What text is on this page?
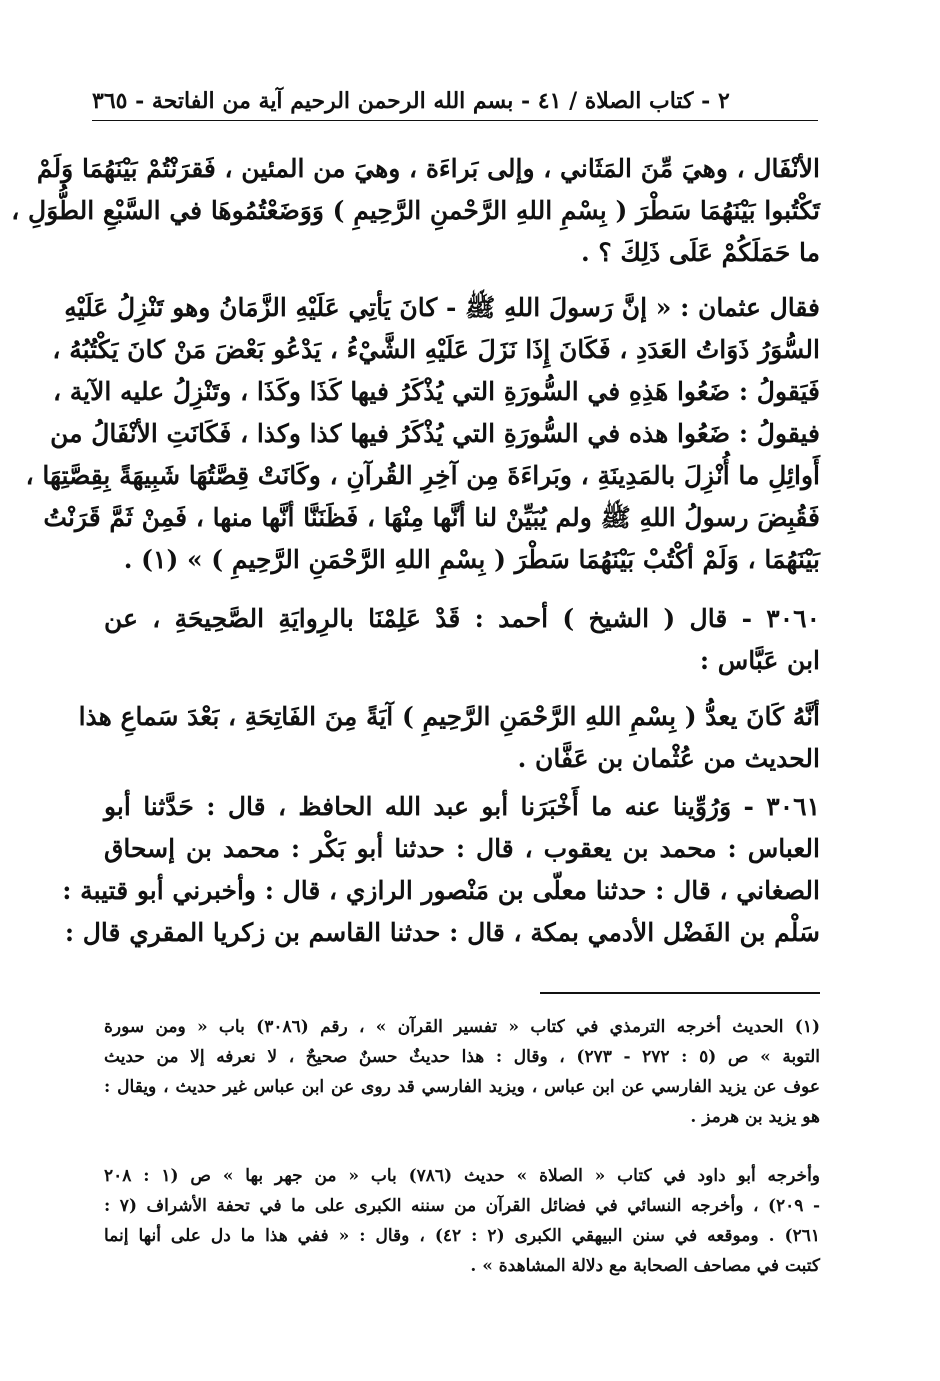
٢ - كتاب الصلاة / ٤١ - بسم الله الرحمن الرحيم آية من الفاتحة - ٣٦٥

الأنْفَال ، وهيَ مِّنَ المَثَاني ، وإلى بَراءَة ، وهيَ من المئين ، فَقرَنْتُمْ بَيْنَهُمَا وَلَمْ

تَكْتُبوا بَيْنَهُمَا سَطْرَ ( بِسْمِ اللهِ الرَّحْمنِ الرَّحِيمِ ) وَوَضَعْتُمُوهَا في السَّبْعِ الطُّوَلِ ،

ما حَمَلَكُمْ عَلَى ذَلِكَ ؟ .

فقال عثمان : « إنَّ رَسولَ اللهِ ﷺ - كانَ يَأتِي عَلَيْهِ الزَّمَانُ وهو تَنْزِلُ عَلَيْهِ

السُّوَرُ ذَوَاتُ العَدَدِ ، فَكَانَ إِذَا نَزَلَ عَلَيْهِ الشَّيْءُ ، يَدْعُو بَعْضَ مَنْ كانَ يَكْتُبُهُ ،

فَيَقولُ : ضَعُوا هَذِهِ في السُّورَةِ التي يُذْكَرُ فيها كَذَا وكَذَا ، وتَنْزِلُ عليه الآية ،

فيقولُ : ضَعُوا هذه في السُّورَةِ التي يُذْكَرُ فيها كذا وكذا ، فَكَانَتِ الأنْفَالُ من

أَوائِلِ ما أُنْزِلَ بالمَدِينَةِ ، وبَراءَةَ مِن آخِرِ القُرآنِ ، وكَانَتْ قِصَّتُهَا شَبِيهَةً بِقِصَّتِهَا ،

فَقُبِضَ رسولُ اللهِ ﷺ ولم يُبَيِّنْ لنا أنَّها مِنْهَا ، فَظَنَنَّا أنَّها منها ، فَمِنْ ثَمَّ قَرَنْتُ

بَيْنَهُمَا ، وَلَمْ أكْتُبْ بَيْنَهُمَا سَطْرَ ( بِسْمِ اللهِ الرَّحْمَنِ الرَّحِيمِ ) » (١) .

٣٠٦٠ - قال ( الشيخ ) أحمد : قَدْ عَلِمْنَا بالرِوايَةِ الصَّحِيحَةِ ، عن

ابن عَبَّاس :

أنَّهُ كَانَ يعدُّ ( بِسْمِ اللهِ الرَّحْمَنِ الرَّحِيمِ ) آيَةً مِنَ الفَاتِحَةِ ، بَعْدَ سَماعِ هذا

الحديث من عُثْمان بن عَفَّان .

٣٠٦١ - وَرُوِّينا عنه ما أَخْبَرَنا أبو عبد الله الحافظ ، قال : حَدَّثنا أبو

العباس : محمد بن يعقوب ، قال : حدثنا أبو بَكْر : محمد بن إسحاق

الصغاني ، قال : حدثنا معلّى بن مَنْصور الرازي ، قال : وأخبرني أبو قتيبة :

سَلْم بن الفَضْل الأدمي بمكة ، قال : حدثنا القاسم بن زكريا المقري قال :

(١) الحديث أخرجه الترمذي في كتاب « تفسير القرآن » ، رقم (٣٠٨٦) باب « ومن سورة

التوبة » ص (٥ : ٢٧٢ - ٢٧٣) ، وقال : هذا حديثٌ حسنٌ صحيحٌ ، لا نعرفه إلا من حديث

عوف عن يزيد الفارسي عن ابن عباس ، ويزيد الفارسي قد روى عن ابن عباس غير حديث ، ويقال :

هو يزيد بن هرمز .

وأخرجه أبو داود في كتاب « الصلاة » حديث (٧٨٦) باب « من جهر بها » ص (١ : ٢٠٨

- ٢٠٩) ، وأخرجه النسائي في فضائل القرآن من سننه الكبرى على ما في تحفة الأشراف (٧ :

٢٦١) . وموقعه في سنن البيهقي الكبرى (٢ : ٤٢) ، وقال : « ففي هذا ما دل على أنها إنما

كتبت في مصاحف الصحابة مع دلالة المشاهدة » .
